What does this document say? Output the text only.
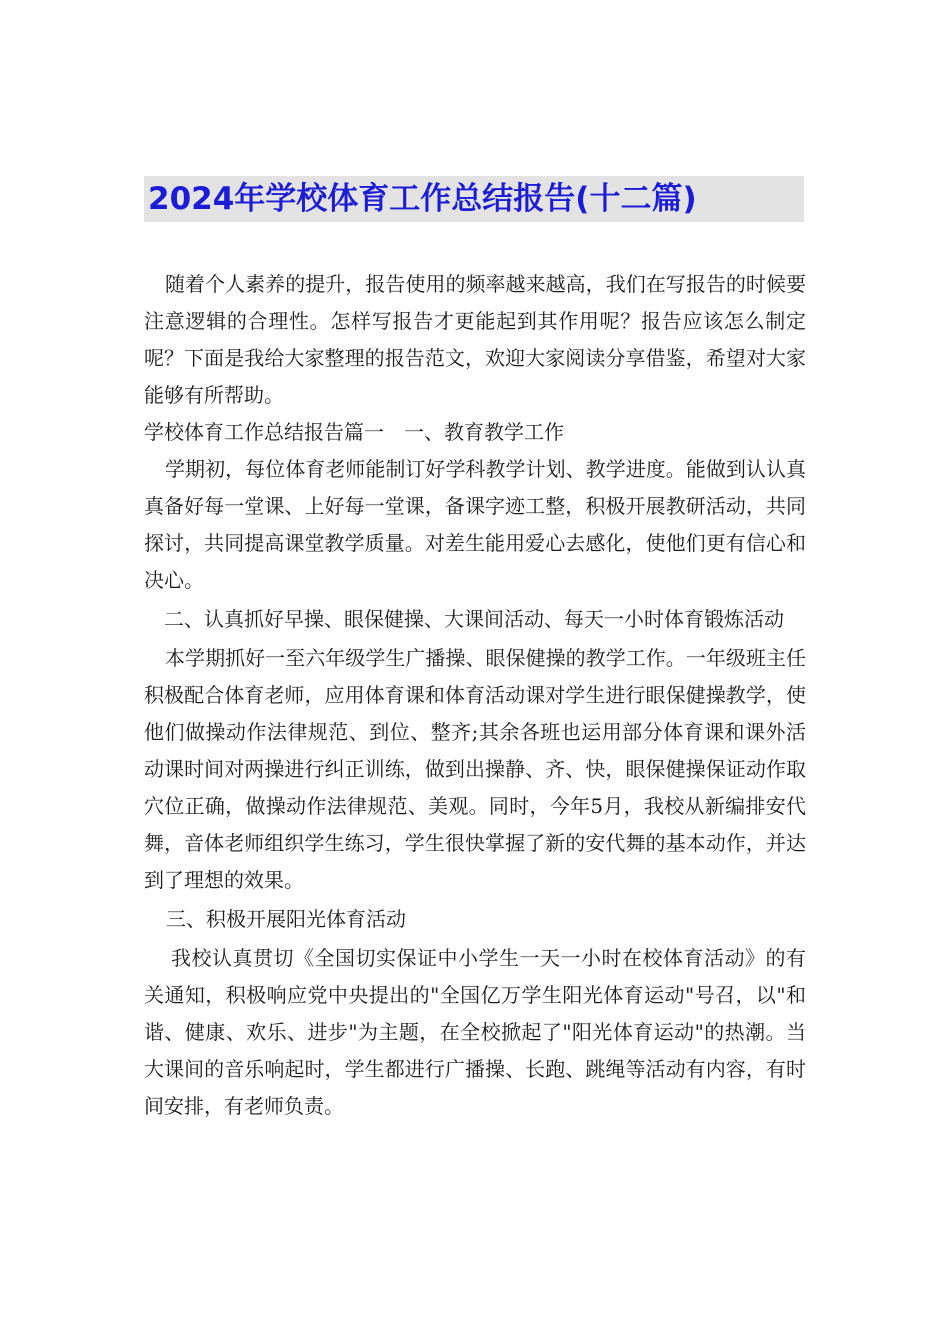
2024年学校体育工作总结报告(十二篇)

随着个人素养的提升，报告使用的频率越来越高，我们在写报告的时候要注意逻辑的合理性。怎样写报告才更能起到其作用呢？报告应该怎么制定呢？下面是我给大家整理的报告范文，欢迎大家阅读分享借鉴，希望对大家能够有所帮助。

学校体育工作总结报告篇一　一、教育教学工作

学期初，每位体育老师能制订好学科教学计划、教学进度。能做到认认真真备好每一堂课、上好每一堂课，备课字迹工整，积极开展教研活动，共同探讨，共同提高课堂教学质量。对差生能用爱心去感化，使他们更有信心和决心。

二、认真抓好早操、眼保健操、大课间活动、每天一小时体育锻炼活动

本学期抓好一至六年级学生广播操、眼保健操的教学工作。一年级班主任积极配合体育老师，应用体育课和体育活动课对学生进行眼保健操教学，使他们做操动作法律规范、到位、整齐;其余各班也运用部分体育课和课外活动课时间对两操进行纠正训练，做到出操静、齐、快，眼保健操保证动作取穴位正确，做操动作法律规范、美观。同时，今年5月，我校从新编排安代舞，音体老师组织学生练习，学生很快掌握了新的安代舞的基本动作，并达到了理想的效果。

三、积极开展阳光体育活动

我校认真贯切《全国切实保证中小学生一天一小时在校体育活动》的有关通知，积极响应党中央提出的"全国亿万学生阳光体育运动"号召，以"和谐、健康、欢乐、进步"为主题，在全校掀起了"阳光体育运动"的热潮。当大课间的音乐响起时，学生都进行广播操、长跑、跳绳等活动有内容，有时间安排，有老师负责。
